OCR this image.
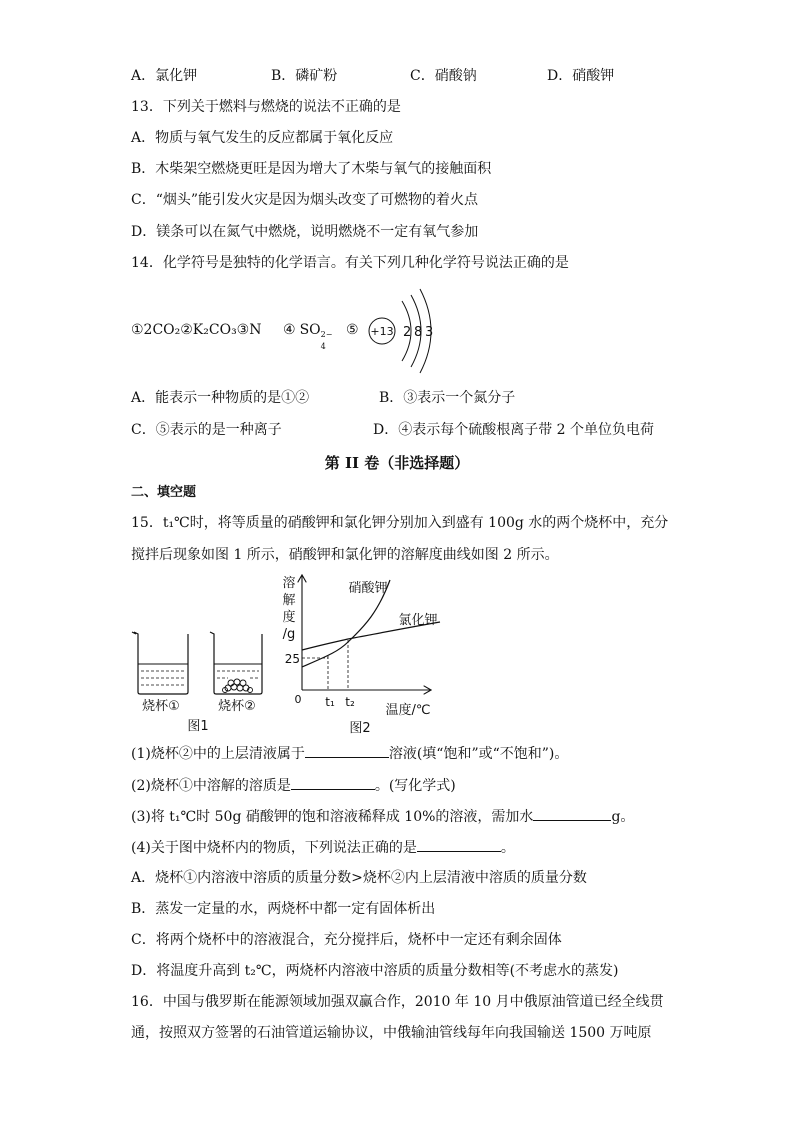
A．氯化钾	B．磷矿粉	C．硝酸钠	D．硝酸钾
13．下列关于燃料与燃烧的说法不正确的是
A．物质与氧气发生的反应都属于氧化反应
B．木柴架空燃烧更旺是因为增大了木柴与氧气的接触面积
C．“烟头”能引发火灾是因为烟头改变了可燃物的着火点
D．镁条可以在氮气中燃烧，说明燃烧不一定有氧气参加
14．化学符号是独特的化学语言。有关下列几种化学符号说法正确的是
①2CO₂②K₂CO₃③N	④ SO 2−
4
⑤ +13 2 8 3
A．能表示一种物质的是①②	B．③表示一个氮分子
C．⑤表示的是一种离子	D．④表示每个硫酸根离子带 2 个单位负电荷
第 II 卷（非选择题）
二、填空题
15．t₁℃时，将等质量的硝酸钾和氯化钾分别加入到盛有 100g 水的两个烧杯中，充分
搅拌后现象如图 1 所示，硝酸钾和氯化钾的溶解度曲线如图 2 所示。
烧杯①	烧杯②
图1
溶
解
度
/g
0
25
t₁ t₂
温度/℃
硝酸钾
氯化钾
图2
(1)烧杯②中的上层清液属于	溶液(填“饱和”或“不饱和”)。
(2)烧杯①中溶解的溶质是	。(写化学式)
(3)将 t₁℃时 50g 硝酸钾的饱和溶液稀释成 10%的溶液，需加水	g。
(4)关于图中烧杯内的物质，下列说法正确的是	。
A．烧杯①内溶液中溶质的质量分数>烧杯②内上层清液中溶质的质量分数
B．蒸发一定量的水，两烧杯中都一定有固体析出
C．将两个烧杯中的溶液混合，充分搅拌后，烧杯中一定还有剩余固体
D．将温度升高到 t₂℃，两烧杯内溶液中溶质的质量分数相等(不考虑水的蒸发)
16．中国与俄罗斯在能源领域加强双赢合作，2010 年 10 月中俄原油管道已经全线贯
通，按照双方签署的石油管道运输协议，中俄输油管线每年向我国输送 1500 万吨原
